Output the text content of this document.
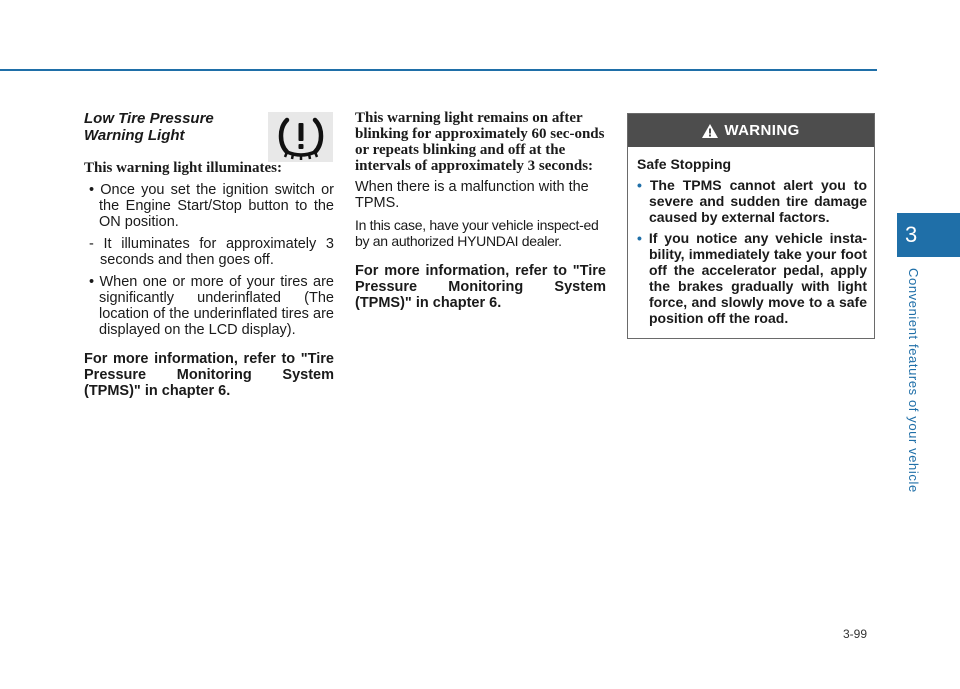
3
Convenient features of your vehicle

Low Tire Pressure

Warning Light

This warning light illuminates:

• Once you set the ignition switch or the Engine Start/Stop button to the ON position.

- It illuminates for approximately 3 seconds and then goes off.

• When one or more of your tires are significantly underinflated (The location of the underinflated tires are displayed on the LCD display).

For more information, refer to "Tire Pressure Monitoring System (TPMS)" in chapter 6.

This warning light remains on after blinking for approximately 60 sec-onds or repeats blinking and off at the intervals of approximately 3 seconds:

When there is a malfunction with the TPMS.

In this case, have your vehicle inspect-ed by an authorized HYUNDAI dealer.

For more information, refer to "Tire Pressure Monitoring System (TPMS)" in chapter 6.

WARNING

Safe Stopping

• The TPMS cannot alert you to severe and sudden tire damage caused by external factors.

• If you notice any vehicle insta-bility, immediately take your foot off the accelerator pedal, apply the brakes gradually with light force, and slowly move to a safe position off the road.

3-99
